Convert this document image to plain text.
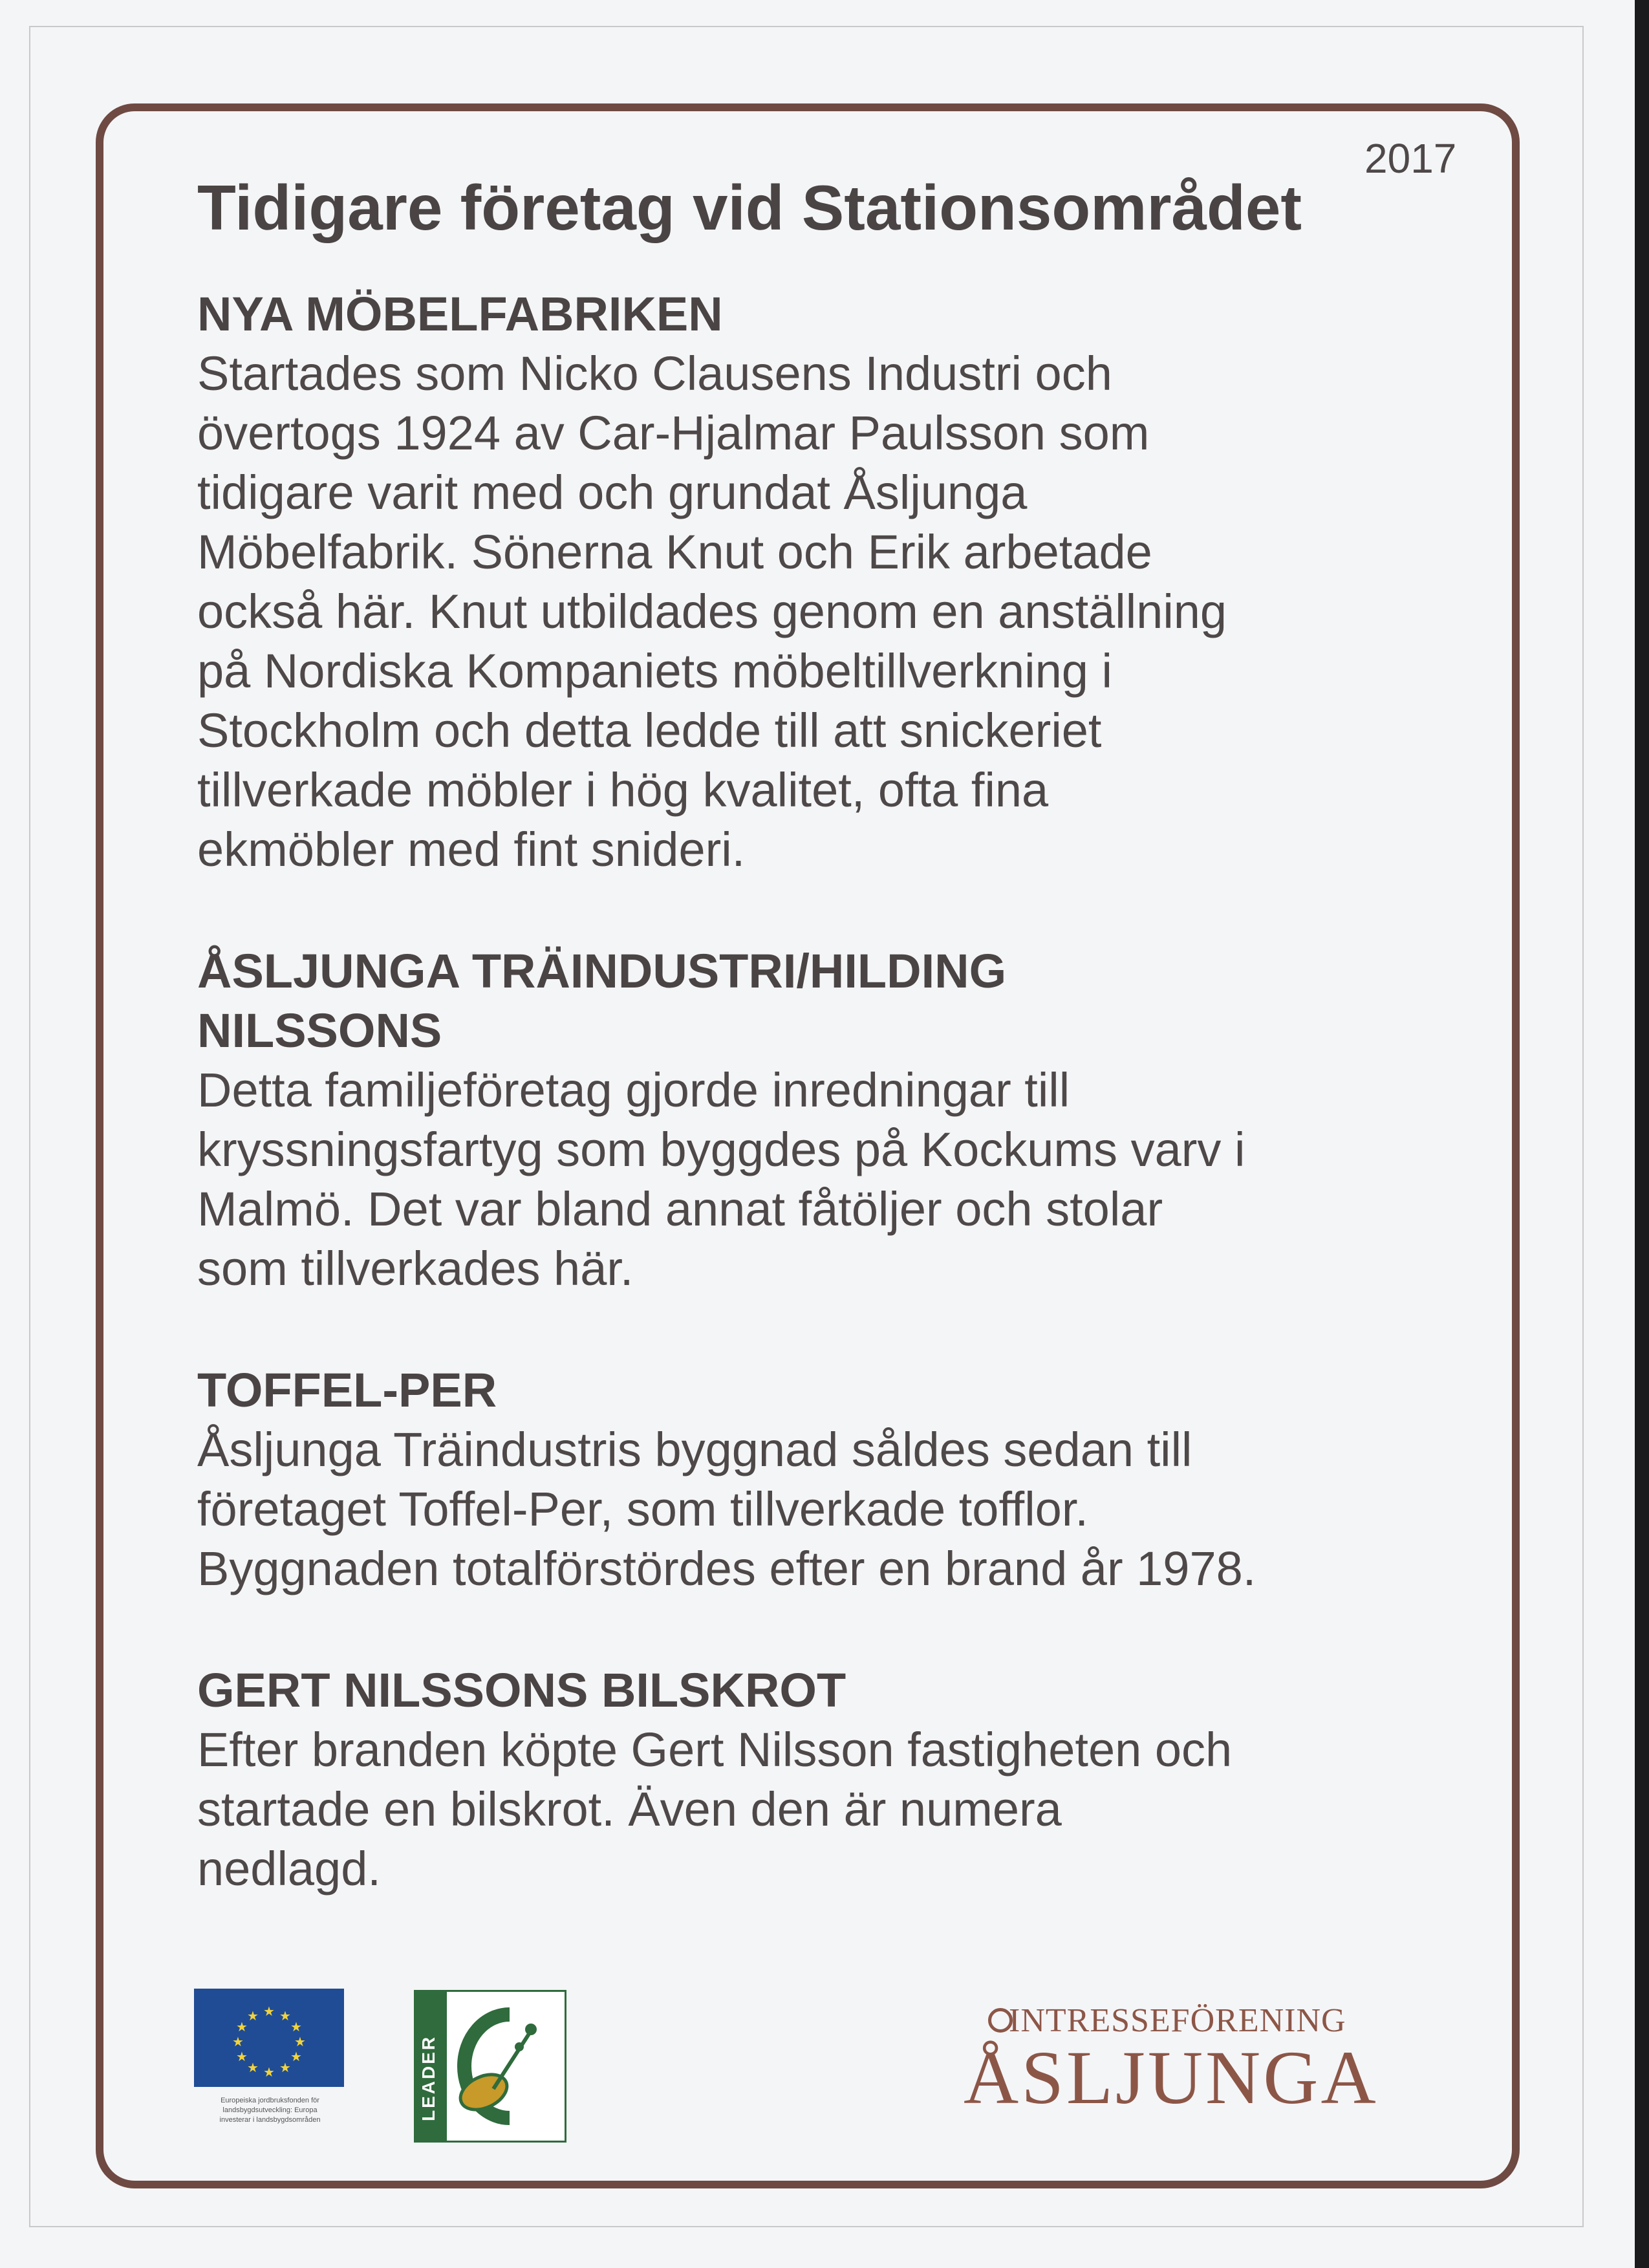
2017
Tidigare företag vid Stationsområdet
NYA MÖBELFABRIKEN

Startades som Nicko Clausens Industri och
övertogs 1924 av Car-Hjalmar Paulsson som
tidigare varit med och grundat Åsljunga
Möbelfabrik. Sönerna Knut och Erik arbetade
också här. Knut utbildades genom en anställning
på Nordiska Kompaniets möbeltillverkning i
Stockholm och detta ledde till att snickeriet
tillverkade möbler i hög kvalitet, ofta fina
ekmöbler med fint snideri.

ÅSLJUNGA TRÄINDUSTRI/HILDING
NILSSONS

Detta familjeföretag gjorde inredningar till
kryssningsfartyg som byggdes på Kockums varv i
Malmö. Det var bland annat fåtöljer och stolar
som tillverkades här.

TOFFEL-PER

Åsljunga Träindustris byggnad såldes sedan till
företaget Toffel-Per, som tillverkade tofflor.
Byggnaden totalförstördes efter en brand år 1978.

GERT NILSSONS BILSKROT

Efter branden köpte Gert Nilsson fastigheten och
startade en bilskrot. Även den är numera
nedlagd.

★ ★
★
★
★
★
★
★
★
★
★
★
Europeiska jordbruksfonden för
landsbygdsutveckling: Europa
investerar i landsbygdsområden	LEADER

INTRESSEFÖRENING

ÅSLJUNGA
